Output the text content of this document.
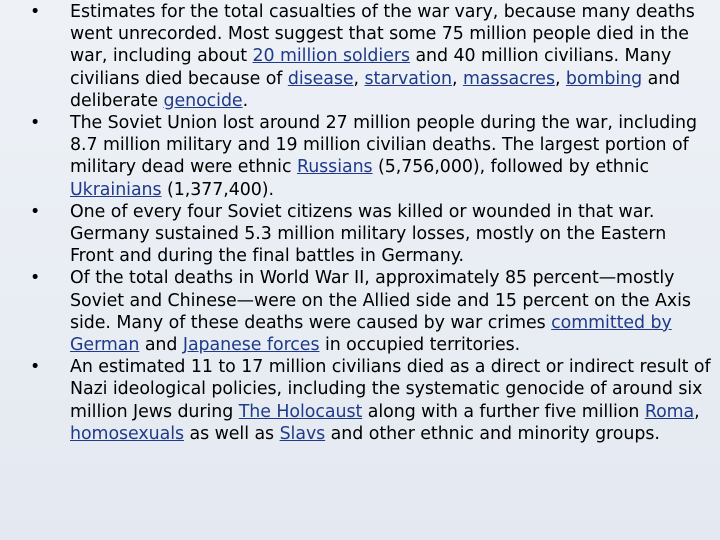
•	Estimates for the total casualties of the war vary, because many deaths went unrecorded. Most suggest that some 75 million people died in the war, including about 20 million soldiers and 40 million civilians. Many civilians died because of disease, starvation, massacres, bombing and deliberate genocide.
•	The Soviet Union lost around 27 million people during the war, including 8.7 million military and 19 million civilian deaths. The largest portion of military dead were ethnic Russians (5,756,000), followed by ethnic Ukrainians (1,377,400).
•	One of every four Soviet citizens was killed or wounded in that war. Germany sustained 5.3 million military losses, mostly on the Eastern Front and during the final battles in Germany.
•	Of the total deaths in World War II, approximately 85 percent—mostly Soviet and Chinese—were on the Allied side and 15 percent on the Axis side. Many of these deaths were caused by war crimes committed by German and Japanese forces in occupied territories.
•	An estimated 11 to 17 million civilians died as a direct or indirect result of Nazi ideological policies, including the systematic genocide of around six million Jews during The Holocaust along with a further five million Roma, homosexuals as well as Slavs and other ethnic and minority groups.
